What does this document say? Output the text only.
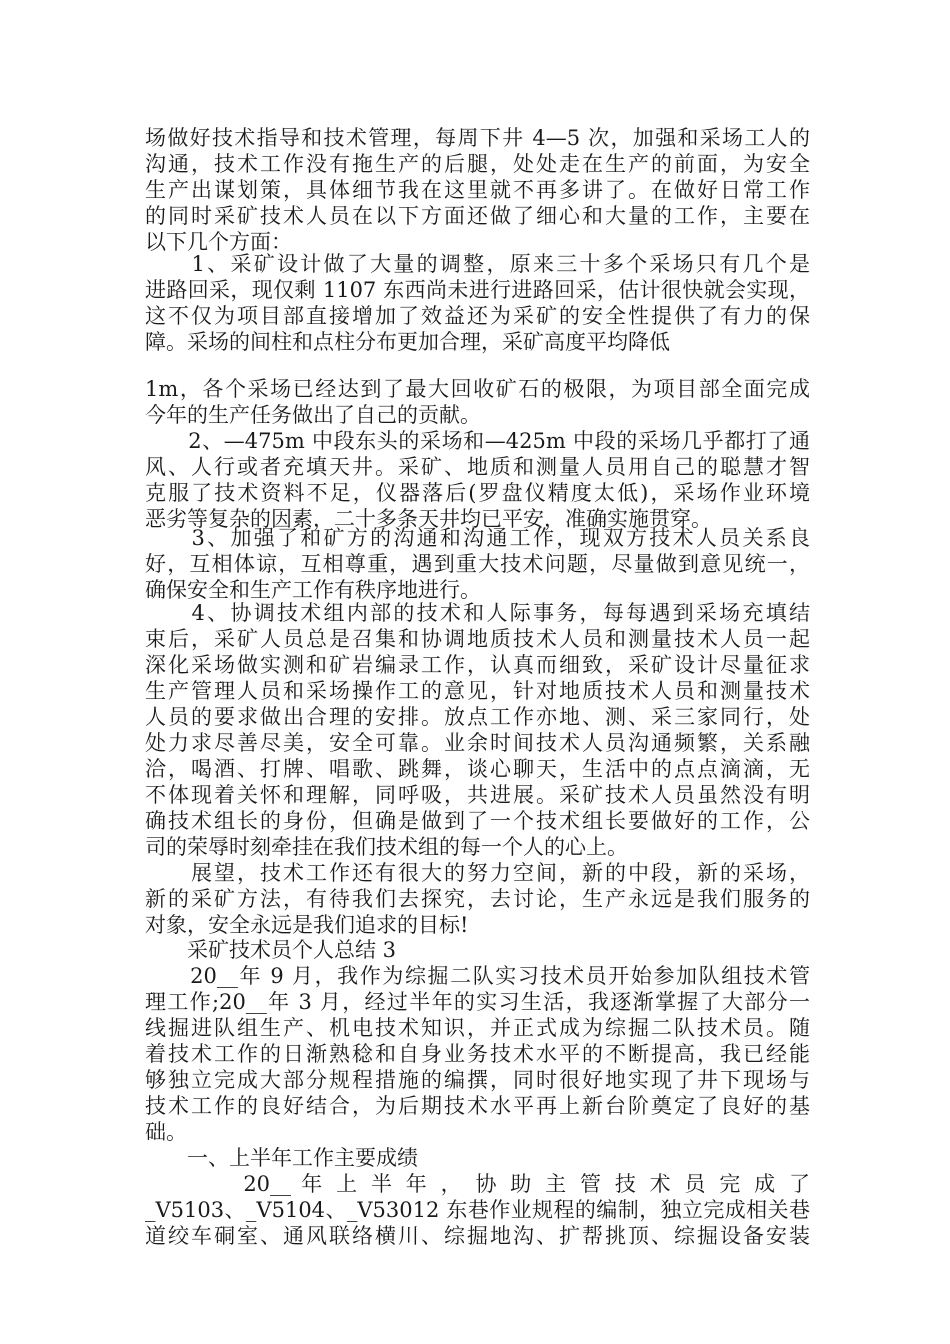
场做好技术指导和技术管理，每周下井 4—5 次，加强和采场工人的
沟通，技术工作没有拖生产的后腿，处处走在生产的前面，为安全
生产出谋划策，具体细节我在这里就不再多讲了。在做好日常工作
的同时采矿技术人员在以下方面还做了细心和大量的工作，主要在
以下几个方面：
　　1、采矿设计做了大量的调整，原来三十多个采场只有几个是
进路回采，现仅剩 1107 东西尚未进行进路回采，估计很快就会实现，
这不仅为项目部直接增加了效益还为采矿的安全性提供了有力的保
障。采场的间柱和点柱分布更加合理，采矿高度平均降低
1m，各个采场已经达到了最大回收矿石的极限，为项目部全面完成
今年的生产任务做出了自己的贡献。
　　2、—475m 中段东头的采场和—425m 中段的采场几乎都打了通
风、人行或者充填天井。采矿、地质和测量人员用自己的聪慧才智
克服了技术资料不足，仪器落后(罗盘仪精度太低)，采场作业环境
恶劣等复杂的因素，二十多条天井均已平安，准确实施贯穿。
　　3、加强了和矿方的沟通和沟通工作，现双方技术人员关系良
好，互相体谅，互相尊重，遇到重大技术问题，尽量做到意见统一，
确保安全和生产工作有秩序地进行。
　　4、协调技术组内部的技术和人际事务，每每遇到采场充填结
束后，采矿人员总是召集和协调地质技术人员和测量技术人员一起
深化采场做实测和矿岩编录工作，认真而细致，采矿设计尽量征求
生产管理人员和采场操作工的意见，针对地质技术人员和测量技术
人员的要求做出合理的安排。放点工作亦地、测、采三家同行，处
处力求尽善尽美，安全可靠。业余时间技术人员沟通频繁，关系融
洽，喝酒、打牌、唱歌、跳舞，谈心聊天，生活中的点点滴滴，无
不体现着关怀和理解，同呼吸，共进展。采矿技术人员虽然没有明
确技术组长的身份，但确是做到了一个技术组长要做好的工作，公
司的荣辱时刻牵挂在我们技术组的每一个人的心上。
　　展望，技术工作还有很大的努力空间，新的中段，新的采场，
新的采矿方法，有待我们去探究，去讨论，生产永远是我们服务的
对象，安全永远是我们追求的目标!
　　采矿技术员个人总结 3
　　20__年 9 月，我作为综掘二队实习技术员开始参加队组技术管
理工作;20__年 3 月，经过半年的实习生活，我逐渐掌握了大部分一
线掘进队组生产、机电技术知识，并正式成为综掘二队技术员。随
着技术工作的日渐熟稔和自身业务技术水平的不断提高，我已经能
够独立完成大部分规程措施的编撰，同时很好地实现了井下现场与
技术工作的良好结合，为后期技术水平再上新台阶奠定了良好的基
础。
　　一、上半年工作主要成绩
　　　　20__ 年 上 半 年 ， 协 助 主 管 技 术 员 完 成 了
_V5103、_V5104、_V53012 东巷作业规程的编制，独立完成相关巷
道绞车硐室、通风联络横川、综掘地沟、扩帮挑顶、综掘设备安装
